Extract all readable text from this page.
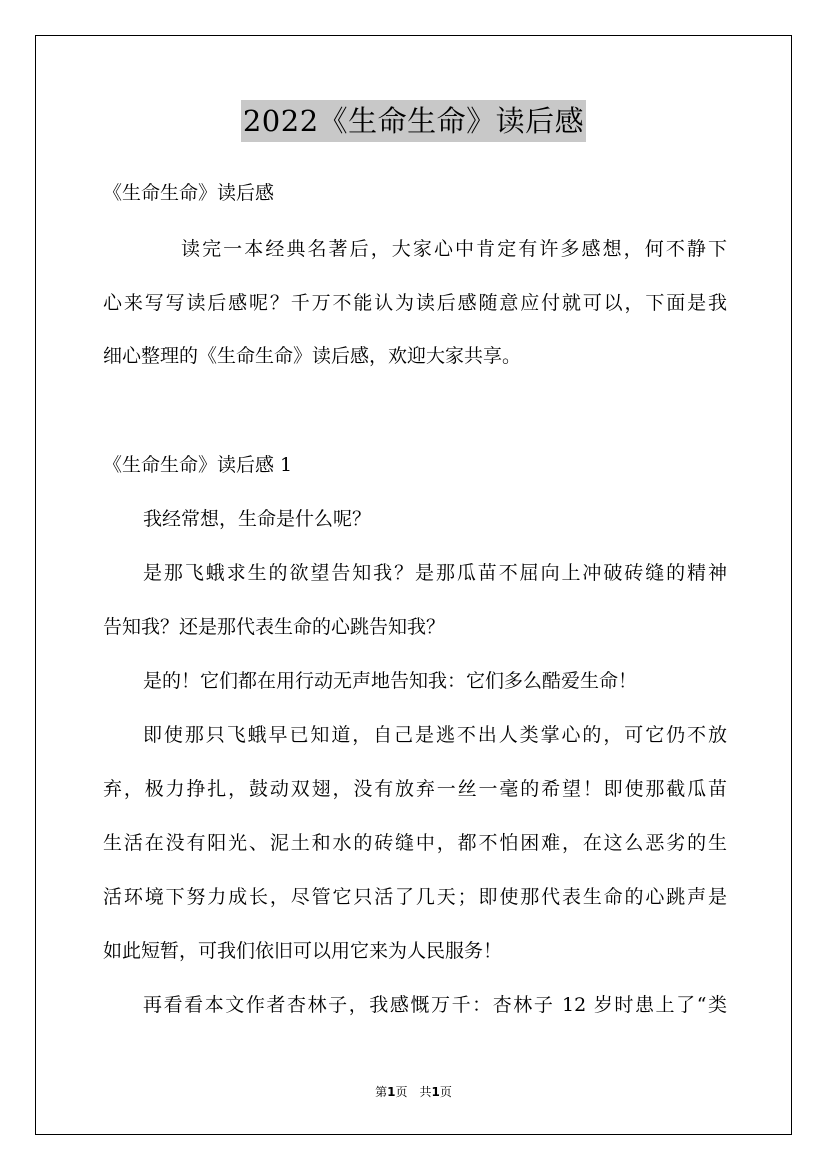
2022《生命生命》读后感
《生命生命》读后感
读完一本经典名著后，大家心中肯定有许多感想，何不静下
心来写写读后感呢？千万不能认为读后感随意应付就可以，下面是我
细心整理的《生命生命》读后感，欢迎大家共享。
《生命生命》读后感 1
我经常想，生命是什么呢？
是那飞蛾求生的欲望告知我？是那瓜苗不屈向上冲破砖缝的精神
告知我？还是那代表生命的心跳告知我？
是的！它们都在用行动无声地告知我：它们多么酷爱生命！
即使那只飞蛾早已知道，自己是逃不出人类掌心的，可它仍不放
弃，极力挣扎，鼓动双翅，没有放弃一丝一毫的希望！即使那截瓜苗
生活在没有阳光、泥土和水的砖缝中，都不怕困难，在这么恶劣的生
活环境下努力成长，尽管它只活了几天；即使那代表生命的心跳声是
如此短暂，可我们依旧可以用它来为人民服务！
再看看本文作者杏林子，我感慨万千：杏林子 12 岁时患上了“类
第1页 共1页
